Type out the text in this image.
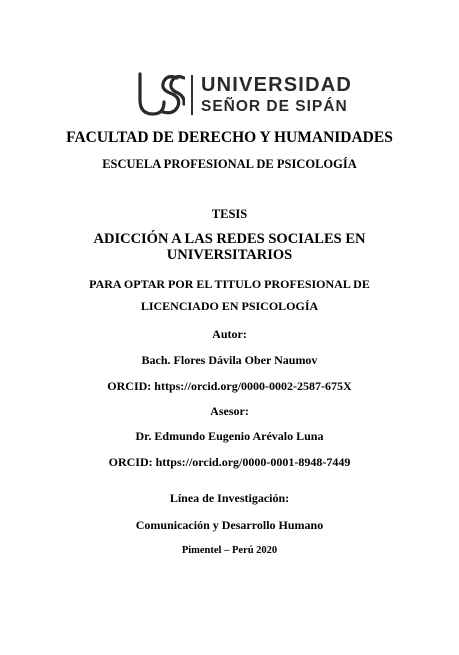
UNIVERSIDAD
SEÑOR DE SIPÁN
FACULTAD DE DERECHO Y HUMANIDADES
ESCUELA PROFESIONAL DE PSICOLOGÍA
TESIS
ADICCIÓN A LAS REDES SOCIALES EN UNIVERSITARIOS
PARA OPTAR POR EL TITULO PROFESIONAL DE LICENCIADO EN PSICOLOGÍA
Autor:
Bach. Flores Dávila Ober Naumov
ORCID: https://orcid.org/0000-0002-2587-675X
Asesor:
Dr. Edmundo Eugenio Arévalo Luna
ORCID: https://orcid.org/0000-0001-8948-7449
Línea de Investigación:
Comunicación y Desarrollo Humano
Pimentel – Perú 2020
